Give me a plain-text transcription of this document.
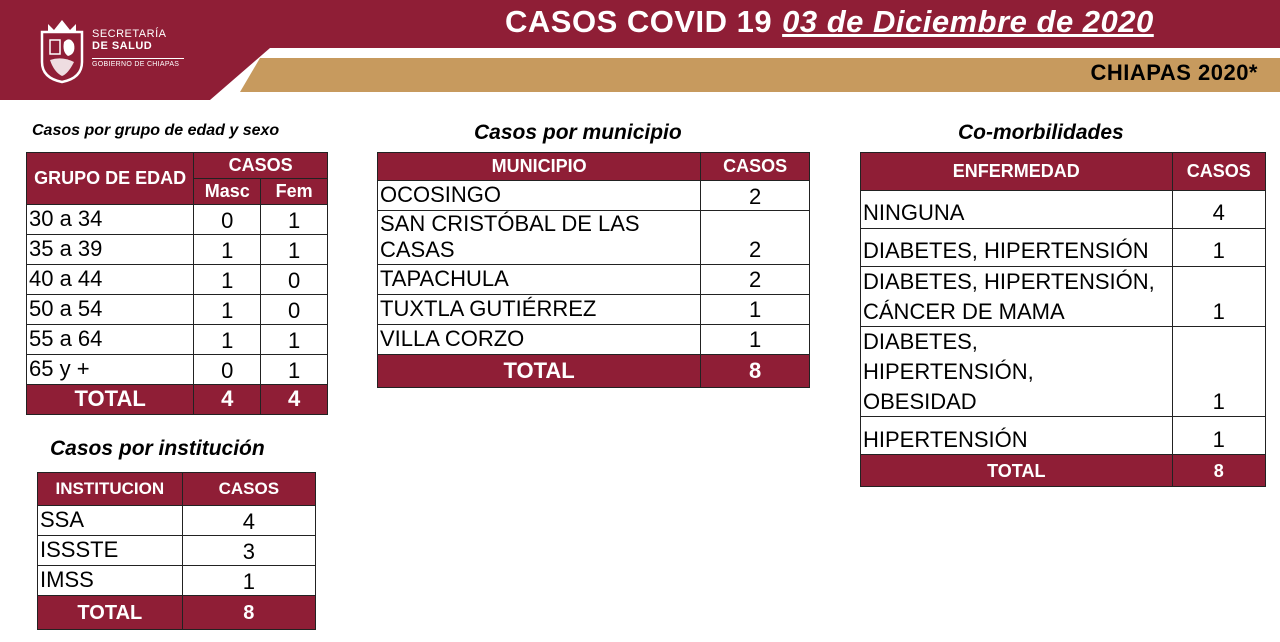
SECRETARÍA
DE SALUD
GOBIERNO DE CHIAPAS
CASOS COVID 19 03 de Diciembre de 2020
CHIAPAS 2020*
Casos por grupo de edad y sexo
GRUPO DE EDAD	CASOS	
	Masc	Fem
30 a 34	0	1
35 a 39	1	1
40 a 44	1	0
50 a 54	1	0
55 a 64	1	1
65 y +	0	1
TOTAL	4	4
Casos por institución
INSTITUCION	CASOS
SSA	4
ISSSTE	3
IMSS	1
TOTAL	8
Casos por municipio
MUNICIPIO	CASOS
OCOSINGO	2
SAN CRISTÓBAL DE LAS CASAS	2
TAPACHULA	2
TUXTLA GUTIÉRREZ	1
VILLA CORZO	1
TOTAL	8
Co-morbilidades
ENFERMEDAD	CASOS
NINGUNA	4
DIABETES, HIPERTENSIÓN	1
DIABETES, HIPERTENSIÓN, CÁNCER DE MAMA	1
DIABETES, HIPERTENSIÓN, OBESIDAD	1
HIPERTENSIÓN	1
TOTAL	8
